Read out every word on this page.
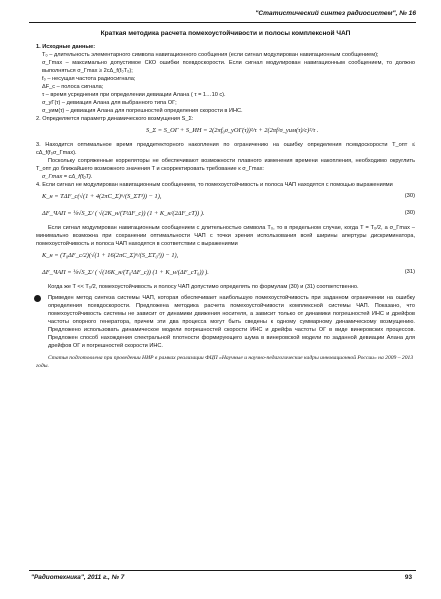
"Статистический синтез радиосистем", № 16
Краткая методика расчета помехоустойчивости и полосы комплексной ЧАП

1. Исходные данные:

T₀ – длительность элементарного символа навигационного сообщения (если сигнал модулирован навигационным сообщением);

σ_Γmax – максимально допустимое СКО ошибки псевдоскорости. Если сигнал модулирован навигационным сообщением, то должно выполняться σ_Γmax ≥ 2cΔ_f(f₀T₀);

f₀ – несущая частота радиосигнала;

ΔF_c – полоса сигнала;

τ – время усреднения при определении девиации Алана ( τ = 1…10 с).

σ_yΓ(τ) – девиация Алана для выбранного типа ОГ;

σ_yим(τ) – девиация Алана для погрешностей определения скорости в ИНС.

2. Определяется параметр динамического возмущения S_Σ:

S_Σ = S_ОГ + S_ИН = 2(2πf₀σ_yОГ(τ))²/τ + 2(2πf/σ_yим(τ)/c)²/τ .

3. Находится оптимальное время преддетекторного накопления по ограничению на ошибку определения псевдоскорости T_опт ≤ cΔ_f(f₀σ_Γmax).

Поскольку сопряженные корреляторы не обеспечивают возможности плавного изменения времени накопления, необходимо округлить T_опт до ближайшего возможного значения T и скорректировать требование к σ_Γmax:

σ_Γmax = cΔ_f(f₀T).

4. Если сигнал не модулирован навигационным сообщением, то помехоустойчивость и полоса ЧАП находятся с помощью выражениями

K_н = TΔF_c(√(1 + 4(2πC_Σ)⁶/(S_ΣT³)) − 1),	(30)
ΔF_ЧАП = ¼√S_Σ/ ( √(2K_н/(T³ΔF_c)) (1 + K_н/(2ΔF_cT)) ).	(30)

Если сигнал модулирован навигационным сообщением с длительностью символа T₀, то в предельном случае, когда T = T₀/2, а σ_Γmax – минимально возможна при сохранении оптимальности ЧАП с точки зрения использования всей ширины апертуры дискриминатора, помехоустойчивость и полоса ЧАП находятся в соответствии с выражениями

K_н = (T₀ΔF_c/2)(√(1 + 16(2πC_Σ)⁶/(S_ΣT₀³)) − 1),
ΔF_ЧАП = ¼√S_Σ/ ( √(16K_н/(T₀³ΔF_c)) (1 + K_н/(ΔF_cT₀)) ).	(31)

Когда же T << T₀/2, помехоустойчивость и полосу ЧАП допустимо определять по формулам (30) и (31) соответственно.

Приведен метод синтеза системы ЧАП, которая обеспечивает наибольшую помехоустойчивость при заданном ограничении на ошибку определения псевдоскорости. Предложена методика расчета помехоустойчивости комплексной системы ЧАП. Показано, что помехоустойчивость системы не зависит от динамики движения носителя, а зависит только от динамики погрешностей ИНС и дрейфов частоты опорного генератора, причем эти два процесса могут быть сведены к одному суммарному динамическому возмущению. Предложено использовать динамическое модели погрешностей скорости ИНС и дрейфа частоты ОГ в виде винеровских процессов. Предложен способ нахождения спектральной плотности формирующего шума в винеровской модели по заданной девиации Алана для дрейфов ОГ и погрешностей скорости ИНС.

Статья подготовлена при проведении НИР в рамках реализации ФЦП «Научные и научно-педагогические кадры инновационной России» на 2009 – 2013 годы.

"Радиотехника", 2011 г., № 7	93
